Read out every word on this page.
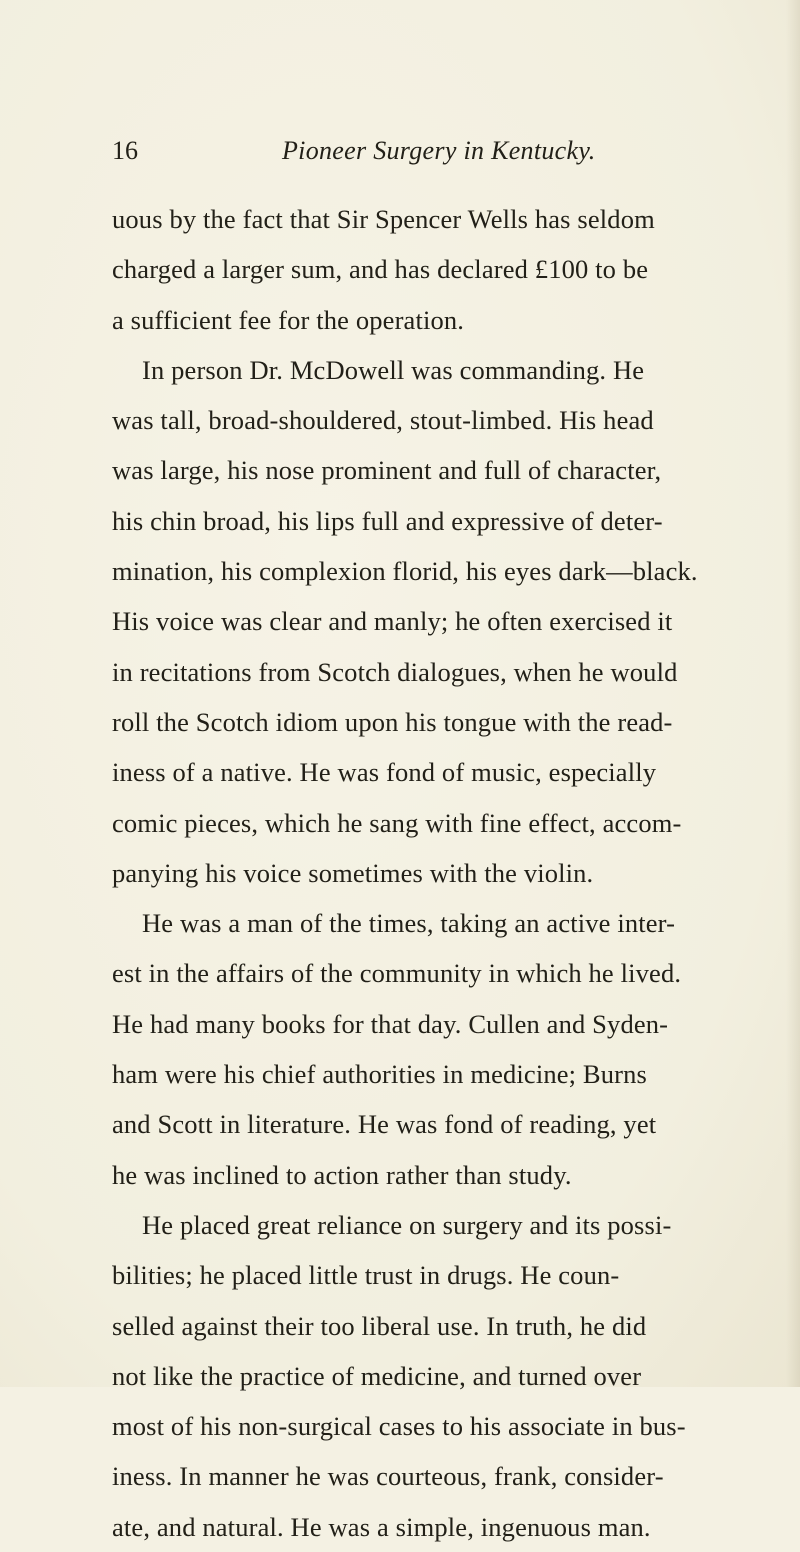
16	Pioneer Surgery in Kentucky.
uous by the fact that Sir Spencer Wells has seldom
charged a larger sum, and has declared £100 to be
a sufficient fee for the operation.
In person Dr. McDowell was commanding. He
was tall, broad-shouldered, stout-limbed. His head
was large, his nose prominent and full of character,
his chin broad, his lips full and expressive of deter-
mination, his complexion florid, his eyes dark—black.
His voice was clear and manly; he often exercised it
in recitations from Scotch dialogues, when he would
roll the Scotch idiom upon his tongue with the read-
iness of a native. He was fond of music, especially
comic pieces, which he sang with fine effect, accom-
panying his voice sometimes with the violin.
He was a man of the times, taking an active inter-
est in the affairs of the community in which he lived.
He had many books for that day. Cullen and Syden-
ham were his chief authorities in medicine; Burns
and Scott in literature. He was fond of reading, yet
he was inclined to action rather than study.
He placed great reliance on surgery and its possi-
bilities; he placed little trust in drugs. He coun-
selled against their too liberal use. In truth, he did
not like the practice of medicine, and turned over
most of his non-surgical cases to his associate in bus-
iness. In manner he was courteous, frank, consider-
ate, and natural. He was a simple, ingenuous man.
